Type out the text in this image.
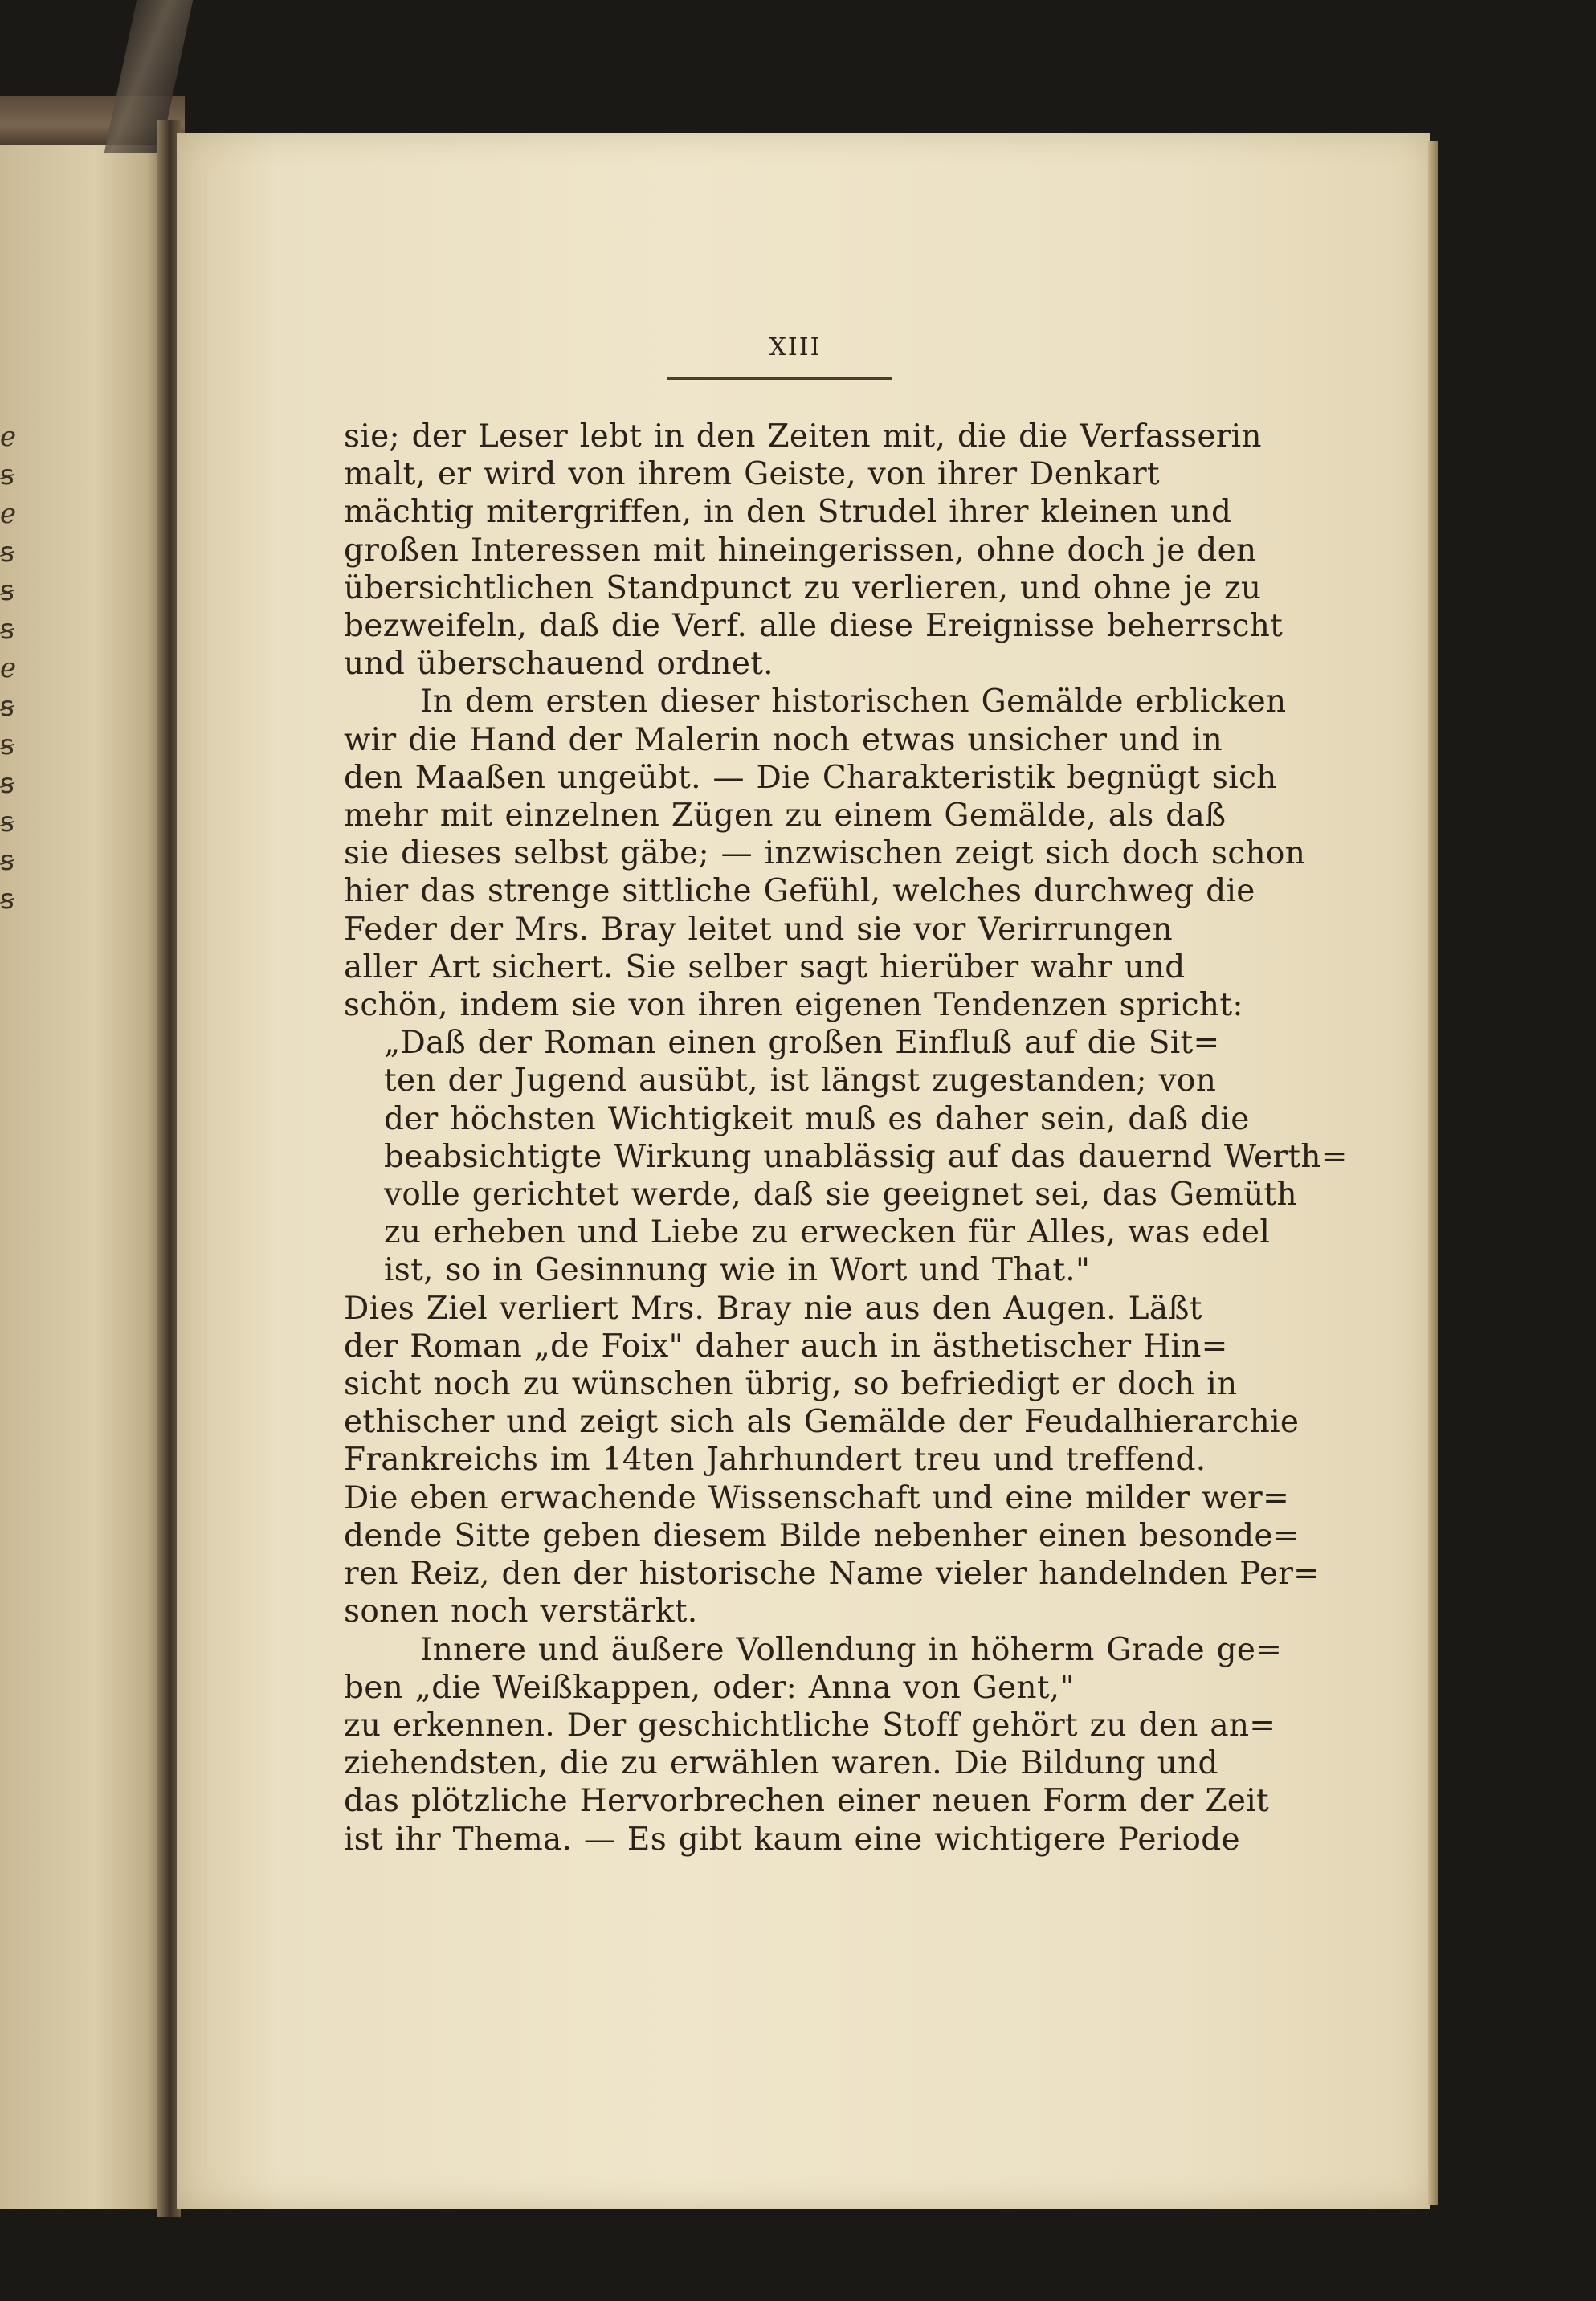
ℯ
ꞩ
ℯ
ꞩ
ꞩ
ꞩ
ℯ
ꞩ
ꞩ
ꞩ
ꞩ
ꞩ
ꞩ
XIII
sie; der Leser lebt in den Zeiten mit, die die Verfasserin
malt, er wird von ihrem Geiste, von ihrer Denkart
mächtig mitergriffen, in den Strudel ihrer kleinen und
großen Interessen mit hineingerissen, ohne doch je den
übersichtlichen Standpunct zu verlieren, und ohne je zu
bezweifeln, daß die Verf. alle diese Ereignisse beherrscht
und überschauend ordnet.
In dem ersten dieser historischen Gemälde erblicken
wir die Hand der Malerin noch etwas unsicher und in
den Maaßen ungeübt. — Die Charakteristik begnügt sich
mehr mit einzelnen Zügen zu einem Gemälde, als daß
sie dieses selbst gäbe; — inzwischen zeigt sich doch schon
hier das strenge sittliche Gefühl, welches durchweg die
Feder der Mrs. Bray leitet und sie vor Verirrungen
aller Art sichert. Sie selber sagt hierüber wahr und
schön, indem sie von ihren eigenen Tendenzen spricht:
„Daß der Roman einen großen Einfluß auf die Sit=
ten der Jugend ausübt, ist längst zugestanden; von
der höchsten Wichtigkeit muß es daher sein, daß die
beabsichtigte Wirkung unablässig auf das dauernd Werth=
volle gerichtet werde, daß sie geeignet sei, das Gemüth
zu erheben und Liebe zu erwecken für Alles, was edel
ist, so in Gesinnung wie in Wort und That."
Dies Ziel verliert Mrs. Bray nie aus den Augen. Läßt
der Roman „de Foix" daher auch in ästhetischer Hin=
sicht noch zu wünschen übrig, so befriedigt er doch in
ethischer und zeigt sich als Gemälde der Feudalhierarchie
Frankreichs im 14ten Jahrhundert treu und treffend.
Die eben erwachende Wissenschaft und eine milder wer=
dende Sitte geben diesem Bilde nebenher einen besonde=
ren Reiz, den der historische Name vieler handelnden Per=
sonen noch verstärkt.
Innere und äußere Vollendung in höherm Grade ge=
ben „die Weißkappen, oder: Anna von Gent,"
zu erkennen. Der geschichtliche Stoff gehört zu den an=
ziehendsten, die zu erwählen waren. Die Bildung und
das plötzliche Hervorbrechen einer neuen Form der Zeit
ist ihr Thema. — Es gibt kaum eine wichtigere Periode
